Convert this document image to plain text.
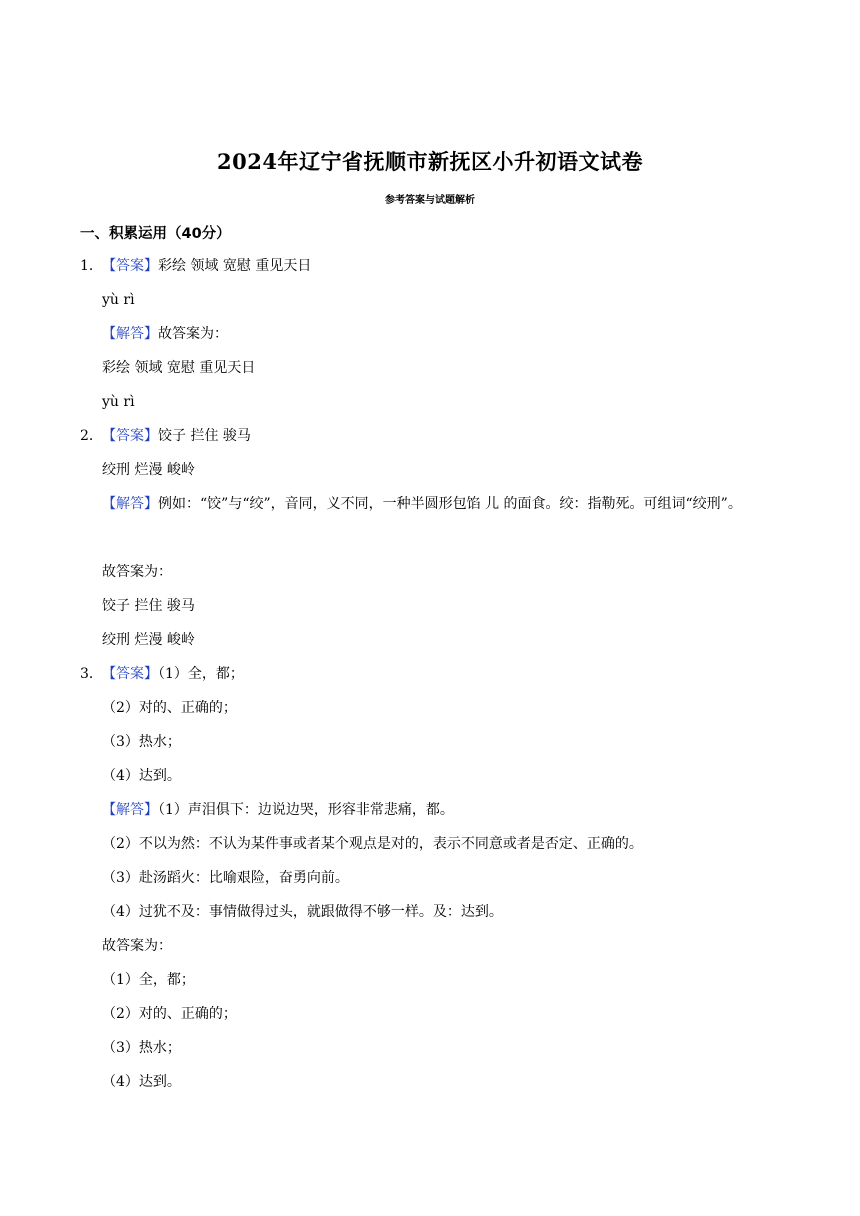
2024年辽宁省抚顺市新抚区小升初语文试卷
参考答案与试题解析
一、积累运用（40分）
1．【答案】彩绘 领域 宽慰 重见天日
yù rì
【解答】故答案为：
彩绘 领域 宽慰 重见天日
yù rì
2．【答案】饺子 拦住 骏马
绞刑 烂漫 峻岭
【解答】例如：“饺”与“绞”，音同，义不同，一种半圆形包馅 儿 的面食。绞：指勒死。可组词“绞刑”。
故答案为：
饺子 拦住 骏马
绞刑 烂漫 峻岭
3．【答案】（1）全，都；
（2）对的、正确的；
（3）热水；
（4）达到。
【解答】（1）声泪俱下：边说边哭，形容非常悲痛，都。
（2）不以为然：不认为某件事或者某个观点是对的，表示不同意或者是否定、正确的。
（3）赴汤蹈火：比喻艰险，奋勇向前。
（4）过犹不及：事情做得过头，就跟做得不够一样。及：达到。
故答案为：
（1）全，都；
（2）对的、正确的；
（3）热水；
（4）达到。
